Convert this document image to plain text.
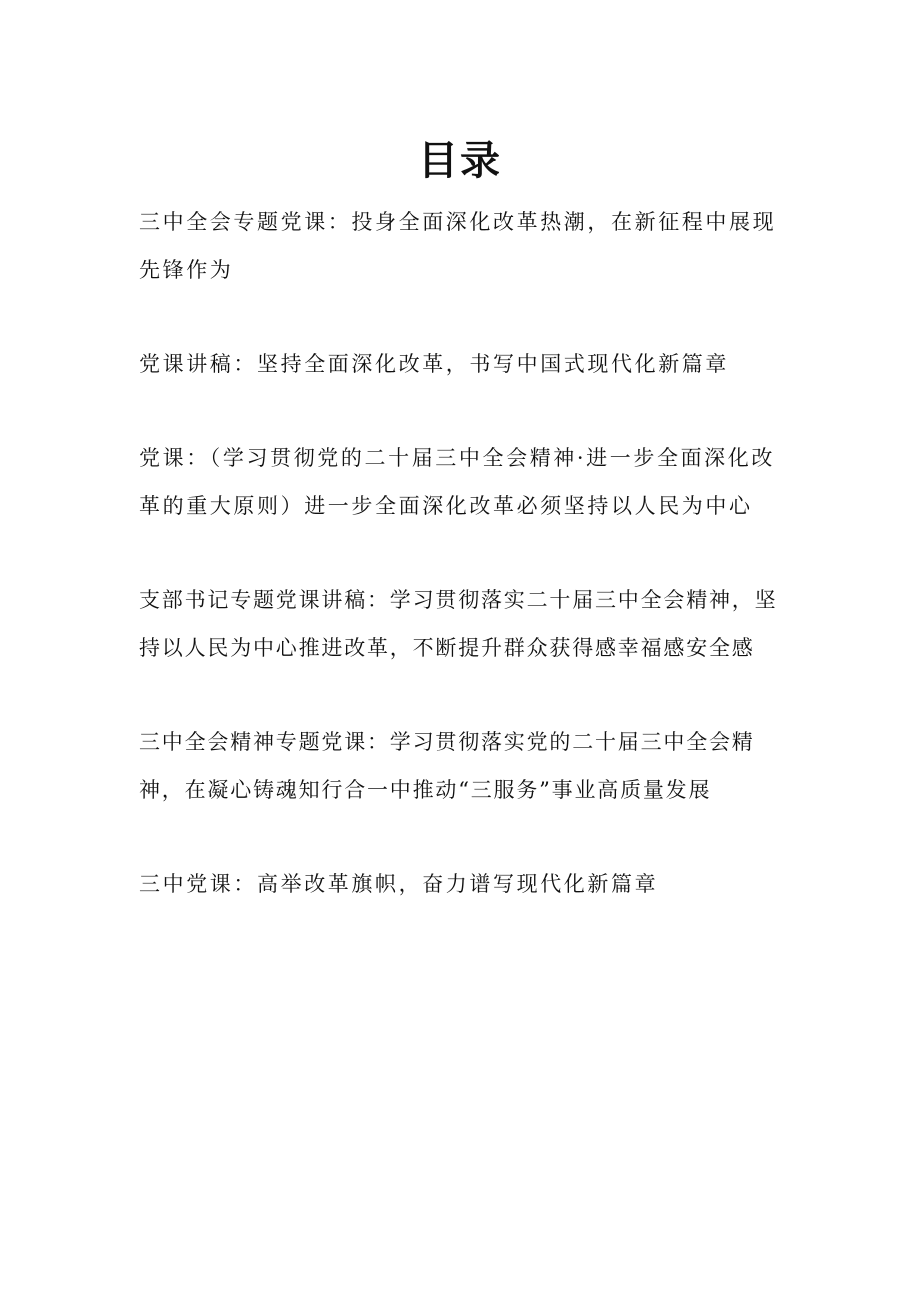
目录
三中全会专题党课：投身全面深化改革热潮，在新征程中展现先锋作为
党课讲稿：坚持全面深化改革，书写中国式现代化新篇章
党课：（学习贯彻党的二十届三中全会精神·进一步全面深化改革的重大原则）进一步全面深化改革必须坚持以人民为中心
支部书记专题党课讲稿：学习贯彻落实二十届三中全会精神，坚持以人民为中心推进改革，不断提升群众获得感幸福感安全感
三中全会精神专题党课：学习贯彻落实党的二十届三中全会精神，在凝心铸魂知行合一中推动“三服务”事业高质量发展
三中党课：高举改革旗帜，奋力谱写现代化新篇章
